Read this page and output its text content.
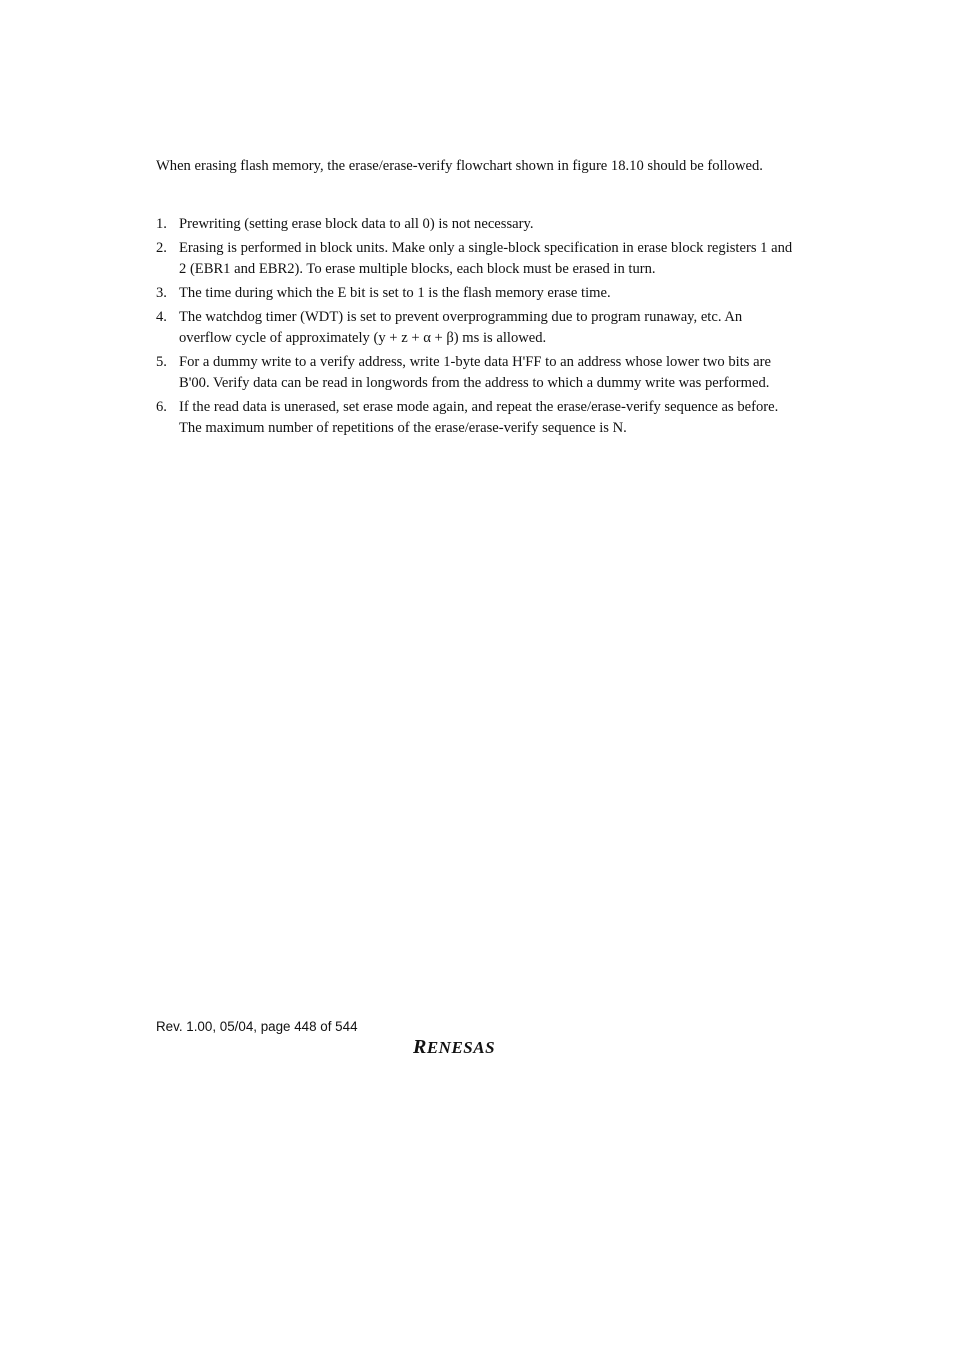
When erasing flash memory, the erase/erase-verify flowchart shown in figure 18.10 should be followed.

1. Prewriting (setting erase block data to all 0) is not necessary.
2. Erasing is performed in block units. Make only a single-block specification in erase block registers 1 and 2 (EBR1 and EBR2). To erase multiple blocks, each block must be erased in turn.
3. The time during which the E bit is set to 1 is the flash memory erase time.
4. The watchdog timer (WDT) is set to prevent overprogramming due to program runaway, etc. An overflow cycle of approximately (y + z + α + β) ms is allowed.
5. For a dummy write to a verify address, write 1-byte data H'FF to an address whose lower two bits are B'00. Verify data can be read in longwords from the address to which a dummy write was performed.
6. If the read data is unerased, set erase mode again, and repeat the erase/erase-verify sequence as before. The maximum number of repetitions of the erase/erase-verify sequence is N.
Rev. 1.00, 05/04, page 448 of 544
RENESAS
